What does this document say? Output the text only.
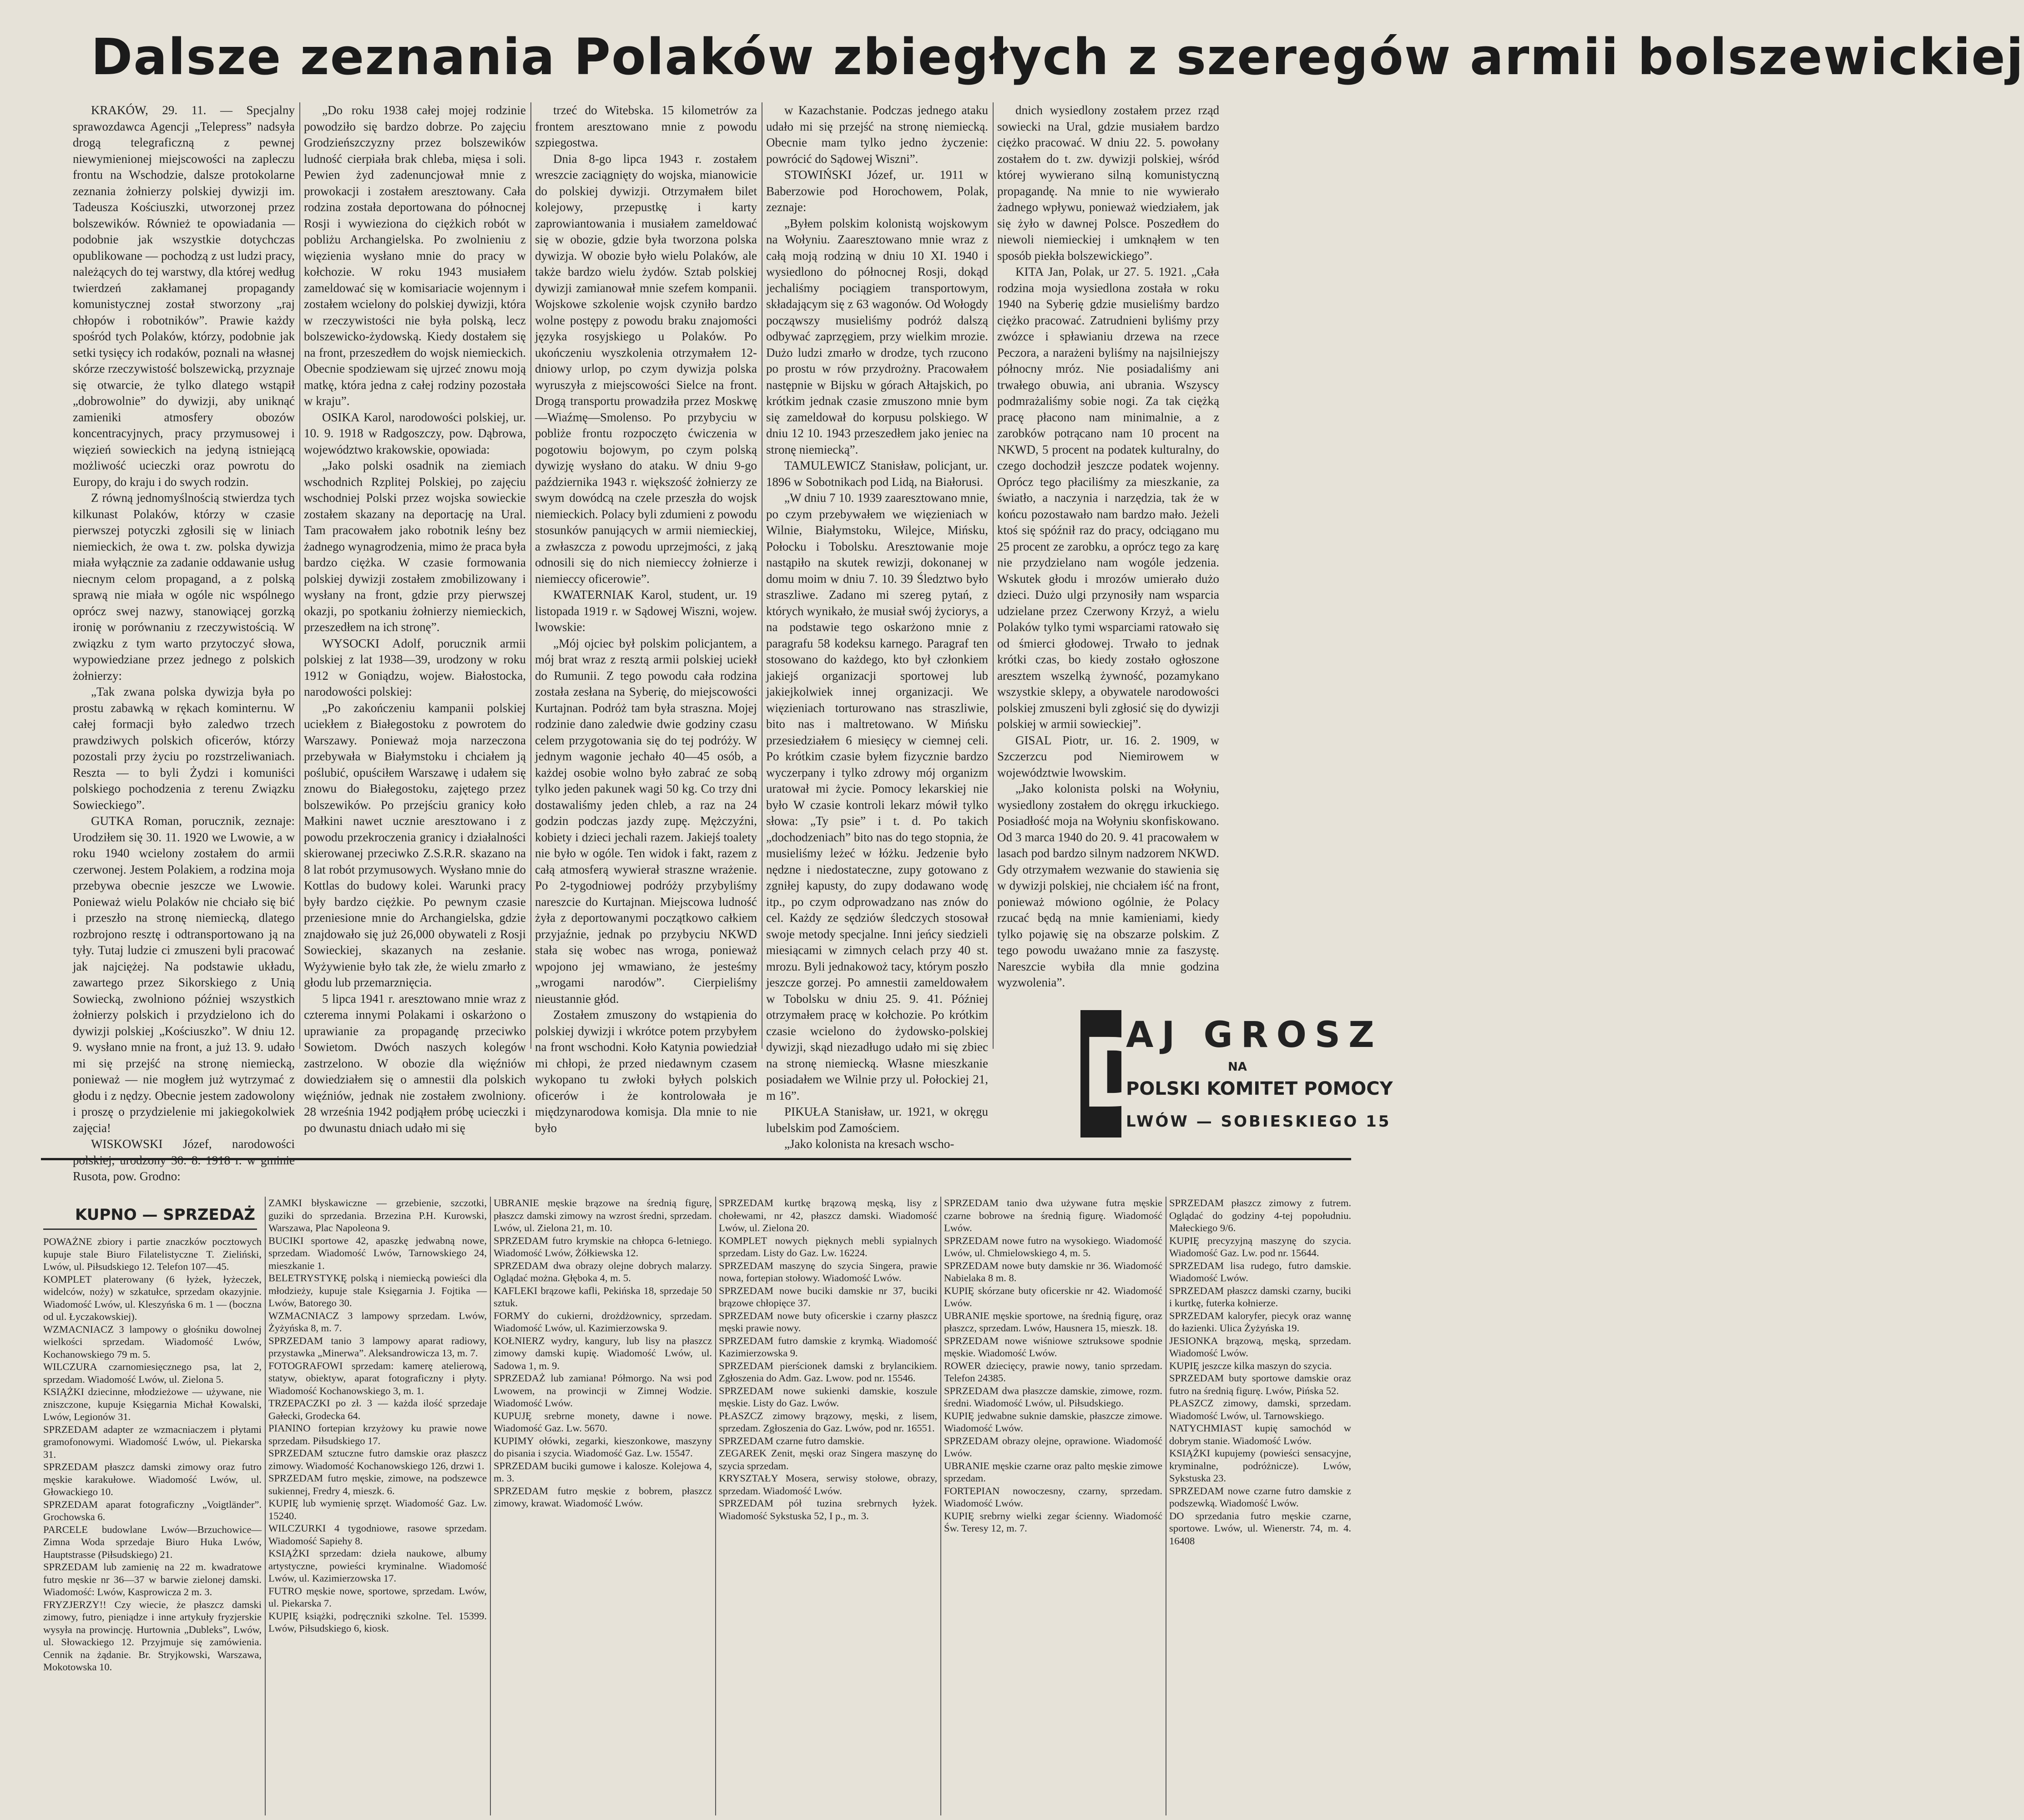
Dalsze zeznania Polaków zbiegłych z szeregów armii bolszewickiej

KRAKÓW, 29. 11. — Specjalny sprawozdawca Agencji „Telepress” nadsyła drogą telegraficzną z pewnej niewymienionej miejscowości na zapleczu frontu na Wschodzie, dalsze protokolarne zeznania żołnierzy polskiej dywizji im. Tadeusza Kościuszki, utworzonej przez bolszewików. Również te opowiadania — podobnie jak wszystkie dotychczas opublikowane — pochodzą z ust ludzi pracy, należących do tej warstwy, dla której według twierdzeń zakłamanej propagandy komunistycznej został stworzony „raj chłopów i robotników”. Prawie każdy spośród tych Polaków, którzy, podobnie jak setki tysięcy ich rodaków, poznali na własnej skórze rzeczywistość bolszewicką, przyznaje się otwarcie, że tylko dlatego wstąpił „dobrowolnie” do dywizji, aby uniknąć zamieniki atmosfery obozów koncentracyjnych, pracy przymusowej i więzień sowieckich na jedyną istniejącą możliwość ucieczki oraz powrotu do Europy, do kraju i do swych rodzin.

Z równą jednomyślnością stwierdza tych kilkunast Polaków, którzy w czasie pierwszej potyczki zgłosili się w liniach niemieckich, że owa t. zw. polska dywizja miała wyłącznie za zadanie oddawanie usług niecnym celom propagand, a z polską sprawą nie miała w ogóle nic wspólnego oprócz swej nazwy, stanowiącej gorzką ironię w porównaniu z rzeczywistością. W związku z tym warto przytoczyć słowa, wypowiedziane przez jednego z polskich żołnierzy:

„Tak zwana polska dywizja była po prostu zabawką w rękach kominternu. W całej formacji było zaledwo trzech prawdziwych polskich oficerów, którzy pozostali przy życiu po rozstrzeliwaniach. Reszta — to byli Żydzi i komuniści polskiego pochodzenia z terenu Związku Sowieckiego”.

GUTKA Roman, porucznik, zeznaje: Urodziłem się 30. 11. 1920 we Lwowie, a w roku 1940 wcielony zostałem do armii czerwonej. Jestem Polakiem, a rodzina moja przebywa obecnie jeszcze we Lwowie. Ponieważ wielu Polaków nie chciało się bić i przeszło na stronę niemiecką, dlatego rozbrojono resztę i odtransportowano ją na tyły. Tutaj ludzie ci zmuszeni byli pracować jak najciężej. Na podstawie układu, zawartego przez Sikorskiego z Unią Sowiecką, zwolniono później wszystkich żołnierzy polskich i przydzielono ich do dywizji polskiej „Kościuszko”. W dniu 12. 9. wysłano mnie na front, a już 13. 9. udało mi się przejść na stronę niemiecką, ponieważ — nie mogłem już wytrzymać z głodu i z nędzy. Obecnie jestem zadowolony i proszę o przydzielenie mi jakiegokolwiek zajęcia!

WISKOWSKI Józef, narodowości Rusota, pow. Grodno:

„Do roku 1938 całej mojej rodzinie powodziło się bardzo dobrze. Po zajęciu Grodzieńszczyzny przez bolszewików ludność cierpiała brak chleba, mięsa i soli. Pewien żyd zadenuncjował mnie z prowokacji i zostałem aresztowany. Cała rodzina została deportowana do północnej Rosji i wywieziona do ciężkich robót w pobliżu Archangielska. Po zwolnieniu z więzienia wysłano mnie do pracy w kołchozie. W roku 1943 musiałem zameldować się w komisariacie wojennym i zostałem wcielony do polskiej dywizji, która w rzeczywistości nie była polską, lecz bolszewicko-żydowską. Kiedy dostałem się na front, przeszedłem do wojsk niemieckich. Obecnie spodziewam się ujrzeć znowu moją matkę, która jedna z całej rodziny pozostała w kraju”.

OSIKA Karol, narodowości polskiej, ur. 10. 9. 1918 w Radgoszczy, pow. Dąbrowa, województwo krakowskie, opowiada:

„Jako polski osadnik na ziemiach wschodnich Rzplitej Polskiej, po zajęciu wschodniej Polski przez wojska sowieckie zostałem skazany na deportację na Ural. Tam pracowałem jako robotnik leśny bez żadnego wynagrodzenia, mimo że praca była bardzo ciężka. W czasie formowania polskiej dywizji zostałem zmobilizowany i wysłany na front, gdzie przy pierwszej okazji, po spotkaniu żołnierzy niemieckich, przeszedłem na ich stronę”.

WYSOCKI Adolf, porucznik armii polskiej z lat 1938—39, urodzony w roku 1912 w Goniądzu, wojew. Białostocka, narodowości polskiej:

„Po zakończeniu kampanii polskiej uciekłem z Białegostoku z powrotem do Warszawy. Ponieważ moja narzeczona przebywała w Białymstoku i chciałem ją poślubić, opuściłem Warszawę i udałem się znowu do Białegostoku, zajętego przez bolszewików. Po przejściu granicy koło Małkini nawet ucznie aresztowano i z powodu przekroczenia granicy i działalności skierowanej przeciwko Z.S.R.R. skazano na 8 lat robót przymusowych. Wysłano mnie do Kottlas do budowy kolei. Warunki pracy były bardzo ciężkie. Po pewnym czasie przeniesione mnie do Archangielska, gdzie znajdowało się już 26,000 obywateli z Rosji Sowieckiej, skazanych na zesłanie. Wyżywienie było tak złe, że wielu zmarło z głodu lub przemarznięcia.

5 lipca 1941 r. aresztowano mnie wraz z czterema innymi Polakami i oskarżono o uprawianie za propagandę przeciwko Sowietom. Dwóch naszych kolegów zastrzelono. W obozie dla więźniów dowiedziałem się o amnestii dla polskich więźniów, jednak nie zostałem zwolniony. 28 września 1942 podjąłem próbę ucieczki i po dwunastu dniach udało mi się

trzeć do Witebska. 15 kilometrów za frontem aresztowano mnie z powodu szpiegostwa.

Dnia 8-go lipca 1943 r. zostałem wreszcie zaciągnięty do wojska, mianowicie do polskiej dywizji. Otrzymałem bilet kolejowy, przepustkę i karty zaprowiantowania i musiałem zameldować się w obozie, gdzie była tworzona polska dywizja. W obozie było wielu Polaków, ale także bardzo wielu żydów. Sztab polskiej dywizji zamianował mnie szefem kompanii. Wojskowe szkolenie wojsk czyniło bardzo wolne postępy z powodu braku znajomości języka rosyjskiego u Polaków. Po ukończeniu wyszkolenia otrzymałem 12-dniowy urlop, po czym dywizja polska wyruszyła z miejscowości Sielce na front. Drogą transportu prowadziła przez Moskwę—Wiaźmę—Smolenso. Po przybyciu w pobliże frontu rozpoczęto ćwiczenia w pogotowiu bojowym, po czym polską dywizję wysłano do ataku. W dniu 9-go października 1943 r. większość żołnierzy ze swym dowódcą na czele przeszła do wojsk niemieckich. Polacy byli zdumieni z powodu stosunków panujących w armii niemieckiej, a zwłaszcza z powodu uprzejmości, z jaką odnosili się do nich niemieccy żołnierze i niemieccy oficerowie”.

KWATERNIAK Karol, student, ur. 19 listopada 1919 r. w Sądowej Wiszni, wojew. lwowskie:

„Mój ojciec był polskim policjantem, a mój brat wraz z resztą armii polskiej uciekł do Rumunii. Z tego powodu cała rodzina została zesłana na Syberię, do miejscowości Kurtajnan. Podróż tam była straszna. Mojej rodzinie dano zaledwie dwie godziny czasu celem przygotowania się do tej podróży. W jednym wagonie jechało 40—45 osób, a każdej osobie wolno było zabrać ze sobą tylko jeden pakunek wagi 50 kg. Co trzy dni dostawaliśmy jeden chleb, a raz na 24 godzin podczas jazdy zupę. Mężczyźni, kobiety i dzieci jechali razem. Jakiejś toalety nie było w ogóle. Ten widok i fakt, razem z całą atmosferą wywierał straszne wrażenie. Po 2-tygodniowej podróży przybyliśmy nareszcie do Kurtajnan. Miejscowa ludność żyła z deportowanymi początkowo całkiem przyjaźnie, jednak po przybyciu NKWD stała się wobec nas wroga, ponieważ wpojono jej wmawiano, że jesteśmy „wrogami narodów”. Cierpieliśmy nieustannie głód.

Zostałem zmuszony do wstąpienia do polskiej dywizji i wkrótce potem przybyłem na front wschodni. Koło Katynia powiedział mi chłopi, że przed niedawnym czasem wykopano tu zwłoki byłych polskich oficerów i że kontrolowała je międzynarodowa komisja. Dla mnie to nie było

w Kazachstanie. Podczas jednego ataku udało mi się przejść na stronę niemiecką. Obecnie mam tylko jedno życzenie: powrócić do Sądowej Wiszni”.

STOWIŃSKI Józef, ur. 1911 w Baberzowie pod Horochowem, Polak, zeznaje:

„Byłem polskim kolonistą wojskowym na Wołyniu. Zaaresztowano mnie wraz z całą moją rodziną w dniu 10 XI. 1940 i wysiedlono do północnej Rosji, dokąd jechaliśmy pociągiem transportowym, składającym się z 63 wagonów. Od Wołogdy począwszy musieliśmy podróż dalszą odbywać zaprzęgiem, przy wielkim mrozie. Dużo ludzi zmarło w drodze, tych rzucono po prostu w rów przydrożny. Pracowałem następnie w Bijsku w górach Ałtajskich, po krótkim jednak czasie zmuszono mnie bym się zameldował do korpusu polskiego. W dniu 12 10. 1943 przeszedłem jako jeniec na stronę niemiecką”.

TAMULEWICZ Stanisław, policjant, ur. 1896 w Sobotnikach pod Lidą, na Białorusi.

„W dniu 7 10. 1939 zaaresztowano mnie, po czym przebywałem we więzieniach w Wilnie, Białymstoku, Wilejce, Mińsku, Połocku i Tobolsku. Aresztowanie moje nastąpiło na skutek rewizji, dokonanej w domu moim w dniu 7. 10. 39 Śledztwo było straszliwe. Zadano mi szereg pytań, z których wynikało, że musiał swój życiorys, a na podstawie tego oskarżono mnie z paragrafu 58 kodeksu karnego. Paragraf ten stosowano do każdego, kto był członkiem jakiejś organizacji sportowej lub jakiejkolwiek innej organizacji. We więzieniach torturowano nas straszliwie, bito nas i maltretowano. W Mińsku przesiedziałem 6 miesięcy w ciemnej celi. Po krótkim czasie byłem fizycznie bardzo wyczerpany i tylko zdrowy mój organizm uratował mi życie. Pomocy lekarskiej nie było W czasie kontroli lekarz mówił tylko słowa: „Ty psie” i t. d. Po takich „dochodzeniach” bito nas do tego stopnia, że musieliśmy leżeć w łóżku. Jedzenie było nędzne i niedostateczne, zupy gotowano z zgniłej kapusty, do zupy dodawano wodę itp., po czym odprowadzano nas znów do cel. Każdy ze sędziów śledczych stosował swoje metody specjalne. Inni jeńcy siedzieli miesiącami w zimnych celach przy 40 st. mrozu. Byli jednakowoż tacy, którym poszło jeszcze gorzej. Po amnestii zameldowałem w Tobolsku w dniu 25. 9. 41. Później otrzymałem pracę w kołchozie. Po krótkim czasie wcielono do żydowsko-polskiej dywizji, skąd niezadługo udało mi się zbiec na stronę niemiecką. Własne mieszkanie posiadałem we Wilnie przy ul. Połockiej 21, m 16”.

PIKUŁA Stanisław, ur. 1921, w okręgu lubelskim pod Zamościem.

„Jako kolonista na kresach wscho-

dnich wysiedlony zostałem przez rząd sowiecki na Ural, gdzie musiałem bardzo ciężko pracować. W dniu 22. 5. powołany zostałem do t. zw. dywizji polskiej, wśród której wywierano silną komunistyczną propagandę. Na mnie to nie wywierało żadnego wpływu, ponieważ wiedziałem, jak się żyło w dawnej Polsce. Poszedłem do niewoli niemieckiej i umknąłem w ten sposób piekła bolszewickiego”.

KITA Jan, Polak, ur 27. 5. 1921. „Cała rodzina moja wysiedlona została w roku 1940 na Syberię gdzie musieliśmy bardzo ciężko pracować. Zatrudnieni byliśmy przy zwózce i spławianiu drzewa na rzece Peczora, a narażeni byliśmy na najsilniejszy północny mróz. Nie posiadaliśmy ani trwałego obuwia, ani ubrania. Wszyscy podmrażaliśmy sobie nogi. Za tak ciężką pracę płacono nam minimalnie, a z zarobków potrącano nam 10 procent na NKWD, 5 procent na podatek kulturalny, do czego dochodził jeszcze podatek wojenny. Oprócz tego płaciliśmy za mieszkanie, za światło, a naczynia i narzędzia, tak że w końcu pozostawało nam bardzo mało. Jeżeli ktoś się spóźnił raz do pracy, odciągano mu 25 procent ze zarobku, a oprócz tego za karę nie przydzielano nam wogóle jedzenia. Wskutek głodu i mrozów umierało dużo dzieci. Dużo ulgi przynosiły nam wsparcia udzielane przez Czerwony Krzyż, a wielu Polaków tylko tymi wsparciami ratowało się od śmierci głodowej. Trwało to jednak krótki czas, bo kiedy zostało ogłoszone aresztem wszelką żywność, pozamykano wszystkie sklepy, a obywatele narodowości polskiej zmuszeni byli zgłosić się do dywizji polskiej w armii sowieckiej”.

GISAL Piotr, ur. 16. 2. 1909, w Szczerzcu pod Niemirowem w województwie lwowskim.

„Jako kolonista polski na Wołyniu, wysiedlony zostałem do okręgu irkuckiego. Posiadłość moja na Wołyniu skonfiskowano. Od 3 marca 1940 do 20. 9. 41 pracowałem w lasach pod bardzo silnym nadzorem NKWD. Gdy otrzymałem wezwanie do stawienia się w dywizji polskiej, nie chciałem iść na front, ponieważ mówiono ogólnie, że Polacy rzucać będą na mnie kamieniami, kiedy tylko pojawię się na obszarze polskim. Z tego powodu uważano mnie za faszystę. Nareszcie wybiła dla mnie godzina wyzwolenia”.

D
AJ GROSZ
NA
POLSKI KOMITET POMOCY
LWÓW — SOBIESKIEGO 15
KUPNO — SPRZEDAŻ

POWAŻNE zbiory i partie znaczków pocztowych kupuje stale Biuro Filatelistyczne T. Zieliński, Lwów, ul. Piłsudskiego 12. Telefon 107—45.

KOMPLET platerowany (6 łyżek, łyżeczek, widelców, noży) w szkatułce, sprzedam okazyjnie. Wiadomość Lwów, ul. Kleszyńska 6 m. 1 — (boczna od ul. Łyczakowskiej).

WZMACNIACZ 3 lampowy o głośniku dowolnej wielkości sprzedam. Wiadomość Lwów, Kochanowskiego 79 m. 5.

WILCZURA czarnomiesięcznego psa, lat 2, sprzedam. Wiadomość Lwów, ul. Zielona 5.

KSIĄŻKI dziecinne, młodzieżowe — używane, nie zniszczone, kupuje Księgarnia Michał Kowalski, Lwów, Legionów 31.

SPRZEDAM adapter ze wzmacniaczem i płytami gramofonowymi. Wiadomość Lwów, ul. Piekarska 31.

SPRZEDAM płaszcz damski zimowy oraz futro męskie karakułowe. Wiadomość Lwów, ul. Głowackiego 10.

SPRZEDAM aparat fotograficzny „Voigtländer”. Grochowska 6.

PARCELE budowlane Lwów—Brzuchowice—Zimna Woda sprzedaje Biuro Huka Lwów, Hauptstrasse (Piłsudskiego) 21.

SPRZEDAM lub zamienię na 22 m. kwadratowe futro męskie nr 36—37 w barwie zielonej damski. Wiadomość: Lwów, Kasprowicza 2 m. 3.

FRYZJERZY!! Czy wiecie, że płaszcz damski zimowy, futro, pieniądze i inne artykuły fryzjerskie wysyła na prowincję. Hurtownia „Dubleks”, Lwów, ul. Słowackiego 12. Przyjmuje się zamówienia. Cennik na żądanie. Br. Stryjkowski, Warszawa, Mokotowska 10.

ZAMKI błyskawiczne — grzebienie, szczotki, guziki do sprzedania. Brzezina P.H. Kurowski, Warszawa, Plac Napoleona 9.

BUCIKI sportowe 42, apaszkę jedwabną nowe, sprzedam. Wiadomość Lwów, Tarnowskiego 24, mieszkanie 1.

BELETRYSTYKĘ polską i niemiecką powieści dla młodzieży, kupuje stale Księgarnia J. Fojtika — Lwów, Batorego 30.

WZMACNIACZ 3 lampowy sprzedam. Lwów, Żyżyńska 8, m. 7.

SPRZEDAM tanio 3 lampowy aparat radiowy, przystawka „Minerwa”. Aleksandrowicza 13, m. 7.

FOTOGRAFOWI sprzedam: kamerę atelierową, statyw, obiektyw, aparat fotograficzny i płyty. Wiadomość Kochanowskiego 3, m. 1.

TRZEPACZKI po zł. 3 — każda ilość sprzedaje Gałecki, Grodecka 64.

PIANINO fortepian krzyżowy ku prawie nowe sprzedam. Piłsudskiego 17.

SPRZEDAM sztuczne futro damskie oraz płaszcz zimowy. Wiadomość Kochanowskiego 126, drzwi 1.

SPRZEDAM futro męskie, zimowe, na podszewce sukiennej, Fredry 4, mieszk. 6.

KUPIĘ lub wymienię sprzęt. Wiadomość Gaz. Lw. 15240.

WILCZURKI 4 tygodniowe, rasowe sprzedam. Wiadomość Sapiehy 8.

KSIĄŻKI sprzedam: dzieła naukowe, albumy artystyczne, powieści kryminalne. Wiadomość Lwów, ul. Kazimierzowska 17.

FUTRO męskie nowe, sportowe, sprzedam. Lwów, ul. Piekarska 7.

KUPIĘ książki, podręczniki szkolne. Tel. 15399. Lwów, Piłsudskiego 6, kiosk.

UBRANIE męskie brązowe na średnią figurę, płaszcz damski zimowy na wzrost średni, sprzedam. Lwów, ul. Zielona 21, m. 10.

SPRZEDAM futro krymskie na chłopca 6-letniego. Wiadomość Lwów, Żółkiewska 12.

SPRZEDAM dwa obrazy olejne dobrych malarzy. Oglądać można. Głęboka 4, m. 5.

KAFLEKI brązowe kafli, Pekińska 18, sprzedaje 50 sztuk.

FORMY do cukierni, drożdżownicy, sprzedam. Wiadomość Lwów, ul. Kazimierzowska 9.

KOŁNIERZ wydry, kangury, lub lisy na płaszcz zimowy damski kupię. Wiadomość Lwów, ul. Sadowa 1, m. 9.

SPRZEDAŻ lub zamiana! Półmorgo. Na wsi pod Lwowem, na prowincji w Zimnej Wodzie. Wiadomość Lwów.

KUPUJĘ srebrne monety, dawne i nowe. Wiadomość Gaz. Lw. 5670.

KUPIMY ołówki, zegarki, kieszonkowe, maszyny do pisania i szycia. Wiadomość Gaz. Lw. 15547.

SPRZEDAM buciki gumowe i kalosze. Kolejowa 4, m. 3.

SPRZEDAM futro męskie z bobrem, płaszcz zimowy, krawat. Wiadomość Lwów.

SPRZEDAM kurtkę brązową męską, lisy z chołewami, nr 42, płaszcz damski. Wiadomość Lwów, ul. Zielona 20.

KOMPLET nowych pięknych mebli sypialnych sprzedam. Listy do Gaz. Lw. 16224.

SPRZEDAM maszynę do szycia Singera, prawie nowa, fortepian stołowy. Wiadomość Lwów.

SPRZEDAM nowe buciki damskie nr 37, buciki brązowe chłopięce 37.

SPRZEDAM nowe buty oficerskie i czarny płaszcz męski prawie nowy.

SPRZEDAM futro damskie z krymką. Wiadomość Kazimierzowska 9.

SPRZEDAM pierścionek damski z brylancikiem. Zgłoszenia do Adm. Gaz. Lwow. pod nr. 15546.

SPRZEDAM nowe sukienki damskie, koszule męskie. Listy do Gaz. Lwów.

PŁASZCZ zimowy brązowy, męski, z lisem, sprzedam. Zgłoszenia do Gaz. Lwów, pod nr. 16551.

SPRZEDAM czarne futro damskie.

ZEGAREK Zenit, męski oraz Singera maszynę do szycia sprzedam.

KRYSZTAŁY Mosera, serwisy stołowe, obrazy, sprzedam. Wiadomość Lwów.

SPRZEDAM pół tuzina srebrnych łyżek. Wiadomość Sykstuska 52, I p., m. 3.

SPRZEDAM tanio dwa używane futra męskie czarne bobrowe na średnią figurę. Wiadomość Lwów.

SPRZEDAM nowe futro na wysokiego. Wiadomość Lwów, ul. Chmielowskiego 4, m. 5.

SPRZEDAM nowe buty damskie nr 36. Wiadomość Nabielaka 8 m. 8.

KUPIĘ skórzane buty oficerskie nr 42. Wiadomość Lwów.

UBRANIE męskie sportowe, na średnią figurę, oraz płaszcz, sprzedam. Lwów, Hausnera 15, mieszk. 18.

SPRZEDAM nowe wiśniowe sztruksowe spodnie męskie. Wiadomość Lwów.

ROWER dziecięcy, prawie nowy, tanio sprzedam. Telefon 24385.

SPRZEDAM dwa płaszcze damskie, zimowe, rozm. średni. Wiadomość Lwów, ul. Piłsudskiego.

KUPIĘ jedwabne suknie damskie, płaszcze zimowe. Wiadomość Lwów.

SPRZEDAM obrazy olejne, oprawione. Wiadomość Lwów.

UBRANIE męskie czarne oraz palto męskie zimowe sprzedam.

FORTEPIAN nowoczesny, czarny, sprzedam. Wiadomość Lwów.

KUPIĘ srebrny wielki zegar ścienny. Wiadomość Św. Teresy 12, m. 7.

SPRZEDAM płaszcz zimowy z futrem. Oglądać do godziny 4-tej popołudniu. Małeckiego 9/6.

KUPIĘ precyzyjną maszynę do szycia. Wiadomość Gaz. Lw. pod nr. 15644.

SPRZEDAM lisa rudego, futro damskie. Wiadomość Lwów.

SPRZEDAM płaszcz damski czarny, buciki i kurtkę, futerka kołnierze.

SPRZEDAM kaloryfer, piecyk oraz wannę do łazienki. Ulica Żyżyńska 19.

JESIONKA brązową, męską, sprzedam. Wiadomość Lwów.

KUPIĘ jeszcze kilka maszyn do szycia.

SPRZEDAM buty sportowe damskie oraz futro na średnią figurę. Lwów, Pińska 52.

PŁASZCZ zimowy, damski, sprzedam. Wiadomość Lwów, ul. Tarnowskiego.

NATYCHMIAST kupię samochód w dobrym stanie. Wiadomość Lwów.

KSIĄŻKI kupujemy (powieści sensacyjne, kryminalne, podróżnicze). Lwów, Sykstuska 23.

SPRZEDAM nowe czarne futro damskie z podszewką. Wiadomość Lwów.

DO sprzedania futro męskie czarne, sportowe. Lwów, ul. Wienerstr. 74, m. 4. 16408
